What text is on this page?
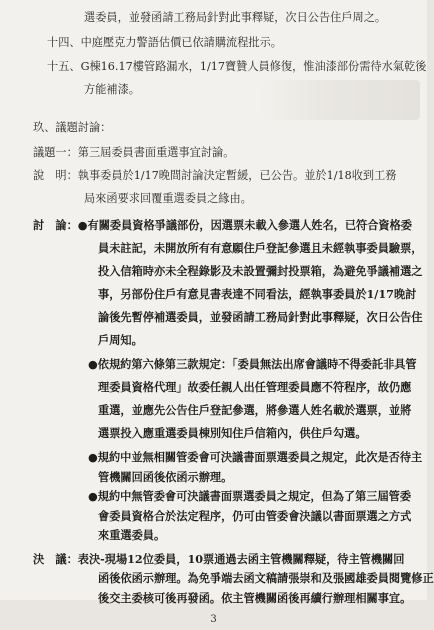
選委員，並發函請工務局針對此事釋疑，次日公告住戶周之。
十四、中庭壓克力警語估價已依請購流程批示。
十五、G棟16.17樓管路漏水，1/17寶贊人員修復，惟油漆部份需待水氣乾後
方能補漆。
玖、議題討論：
議題一：第三屆委員書面重選事宜討論。
說　明：執事委員於1/17晚間討論決定暫緩，已公告。並於1/18收到工務
局來函要求回覆重選委員之緣由。
討　論：●有關委員資格爭議部份，因選票未載入參選人姓名，已符合資格委
員未註記，未開放所有有意願住戶登記參選且未經執事委員驗票，
投入信箱時亦未全程錄影及未設置彌封投票箱，為避免爭議補選之
事，另部份住戶有意見書表達不同看法，經執事委員於1/17晚討
論後先暫停補選委員，並發函請工務局針對此事釋疑，次日公告住
戶周知。
●依規約第六條第三款規定：「委員無法出席會議時不得委託非具管
理委員資格代理」故委任親人出任管理委員應不符程序，故仍應
重選，並應先公告住戶登記參選，將參選人姓名載於選票，並將
選票投入應重選委員棟別知住戶信箱內，供住戶勾選。
●規約中並無相關管委會可決議書面票選委員之規定，此次是否待主
管機關回函後依函示辦理。
●規約中無管委會可決議書面票選委員之規定，但為了第三屆管委
會委員資格合於法定程序，仍可由管委會決議以書面票選之方式
來重選委員。
決　議：表決-現場12位委員，10票通過去函主管機關釋疑，待主管機關回
函後依函示辦理。為免爭端去函文稿請張崇和及張國雄委員閱覽修正
後交主委核可後再發函。依主管機關函後再續行辦理相關事宜。
3
